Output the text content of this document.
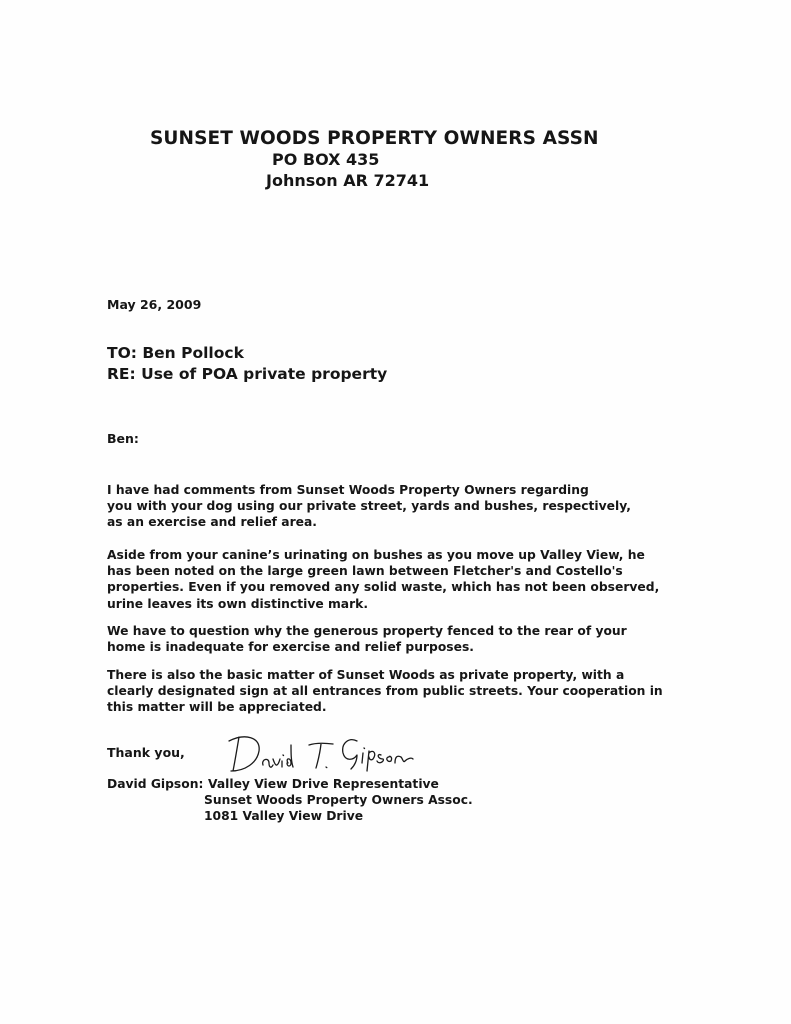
SUNSET WOODS PROPERTY OWNERS ASSN
PO BOX 435
Johnson AR 72741
May 26, 2009
TO: Ben Pollock
RE: Use of POA private property
Ben:
I have had comments from Sunset Woods Property Owners regarding
you with your dog using our private street, yards and bushes, respectively,
as an exercise and relief area.
Aside from your canine’s urinating on bushes as you move up Valley View, he
has been noted on the large green lawn between Fletcher's and Costello's
properties. Even if you removed any solid waste, which has not been observed,
urine leaves its own distinctive mark.
We have to question why the generous property fenced to the rear of your
home is inadequate for exercise and relief purposes.
There is also the basic matter of Sunset Woods as private property, with a
clearly designated sign at all entrances from public streets. Your cooperation in
this matter will be appreciated.
Thank you,
David Gipson: Valley View Drive Representative
Sunset Woods Property Owners Assoc.
1081 Valley View Drive
